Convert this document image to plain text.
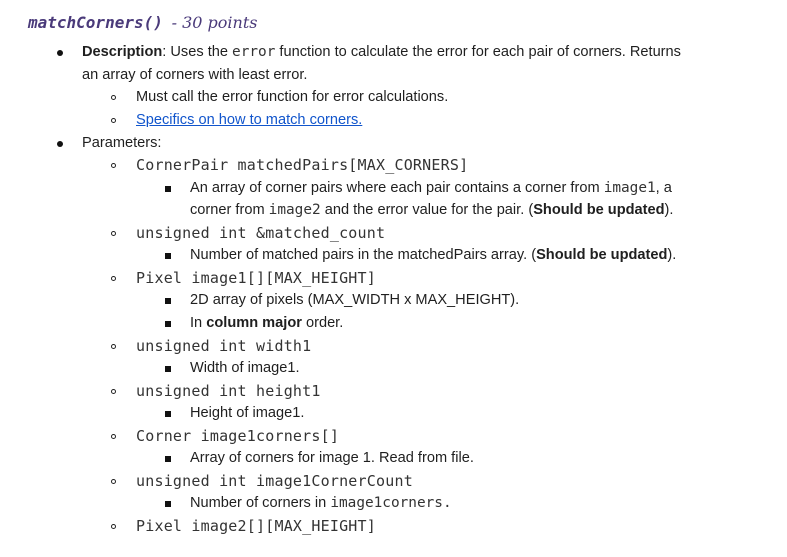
matchCorners() - 30 points
Description: Uses the error function to calculate the error for each pair of corners. Returns
an array of corners with least error.
Must call the error function for error calculations.
Specifics on how to match corners.
Parameters:
CornerPair matchedPairs[MAX_CORNERS]
An array of corner pairs where each pair contains a corner from image1, a
corner from image2 and the error value for the pair. (Should be updated).
unsigned int &matched_count
Number of matched pairs in the matchedPairs array. (Should be updated).
Pixel image1[][MAX_HEIGHT]
2D array of pixels (MAX_WIDTH x MAX_HEIGHT).
In column major order.
unsigned int width1
Width of image1.
unsigned int height1
Height of image1.
Corner image1corners[]
Array of corners for image 1. Read from file.
unsigned int image1CornerCount
Number of corners in image1corners.
Pixel image2[][MAX_HEIGHT]
